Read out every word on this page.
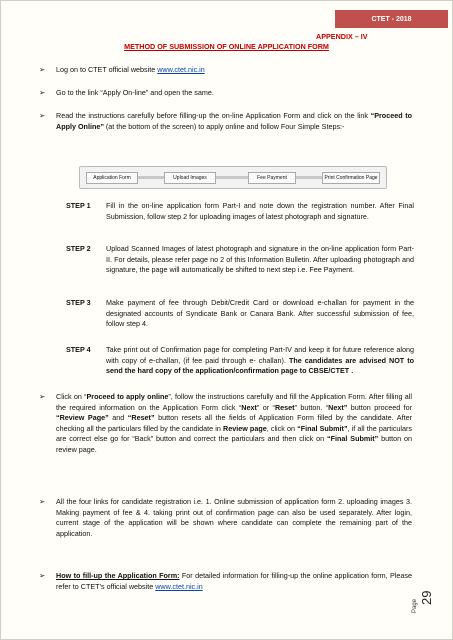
CTET - 2018
APPENDIX – IV
METHOD OF SUBMISSION OF ONLINE APPLICATION FORM
➢ Log on to CTET official website www.ctet.nic.in
➢ Go to the link “Apply On-line” and open the same.
➢ Read the instructions carefully before filling-up the on-line Application Form and click on the link “Proceed to Apply Online” (at the bottom of the screen) to apply online and follow Four Simple Steps:-
Application Form	Upload Images	Fee Payment	Print Confirmation Page
STEP 1 Fill in the on-line application form Part-I and note down the registration number. After Final Submission, follow step 2 for uploading images of latest photograph and signature.
STEP 2 Upload Scanned Images of latest photograph and signature in the on-line application form Part-II. For details, please refer page no 2 of this Information Bulletin. After uploading photograph and signature, the page will automatically be shifted to next step i.e. Fee Payment.
STEP 3 Make payment of fee through Debit/Credit Card or download e-challan for payment in the designated accounts of Syndicate Bank or Canara Bank. After successful submission of fee, follow step 4.
STEP 4 Take print out of Confirmation page for completing Part-IV and keep it for future reference along with copy of e-challan, (if fee paid through e- challan). The candidates are advised NOT to send the hard copy of the application/confirmation page to CBSE/CTET .
➢ Click on “Proceed to apply online”, follow the instructions carefully and fill the Application Form. After filling all the required information on the Application Form click “Next” or “Reset” button. “Next” button proceed for “Review Page” and “Reset” button resets all the fields of Application Form filled by the candidate. After checking all the particulars filled by the candidate in Review page, click on “Final Submit”, if all the particulars are correct else go for “Back” button and correct the particulars and then click on “Final Submit” button on review page.
➢ All the four links for candidate registration i.e. 1. Online submission of application form 2. uploading images 3. Making payment of fee & 4. taking print out of confirmation page can also be used separately. After login, current stage of the application will be shown where candidate can complete the remaining part of the application.
➢ How to fill-up the Application Form: For detailed information for filling-up the online application form, Please refer to CTET’s official website www.ctet.nic.in
Page
29
